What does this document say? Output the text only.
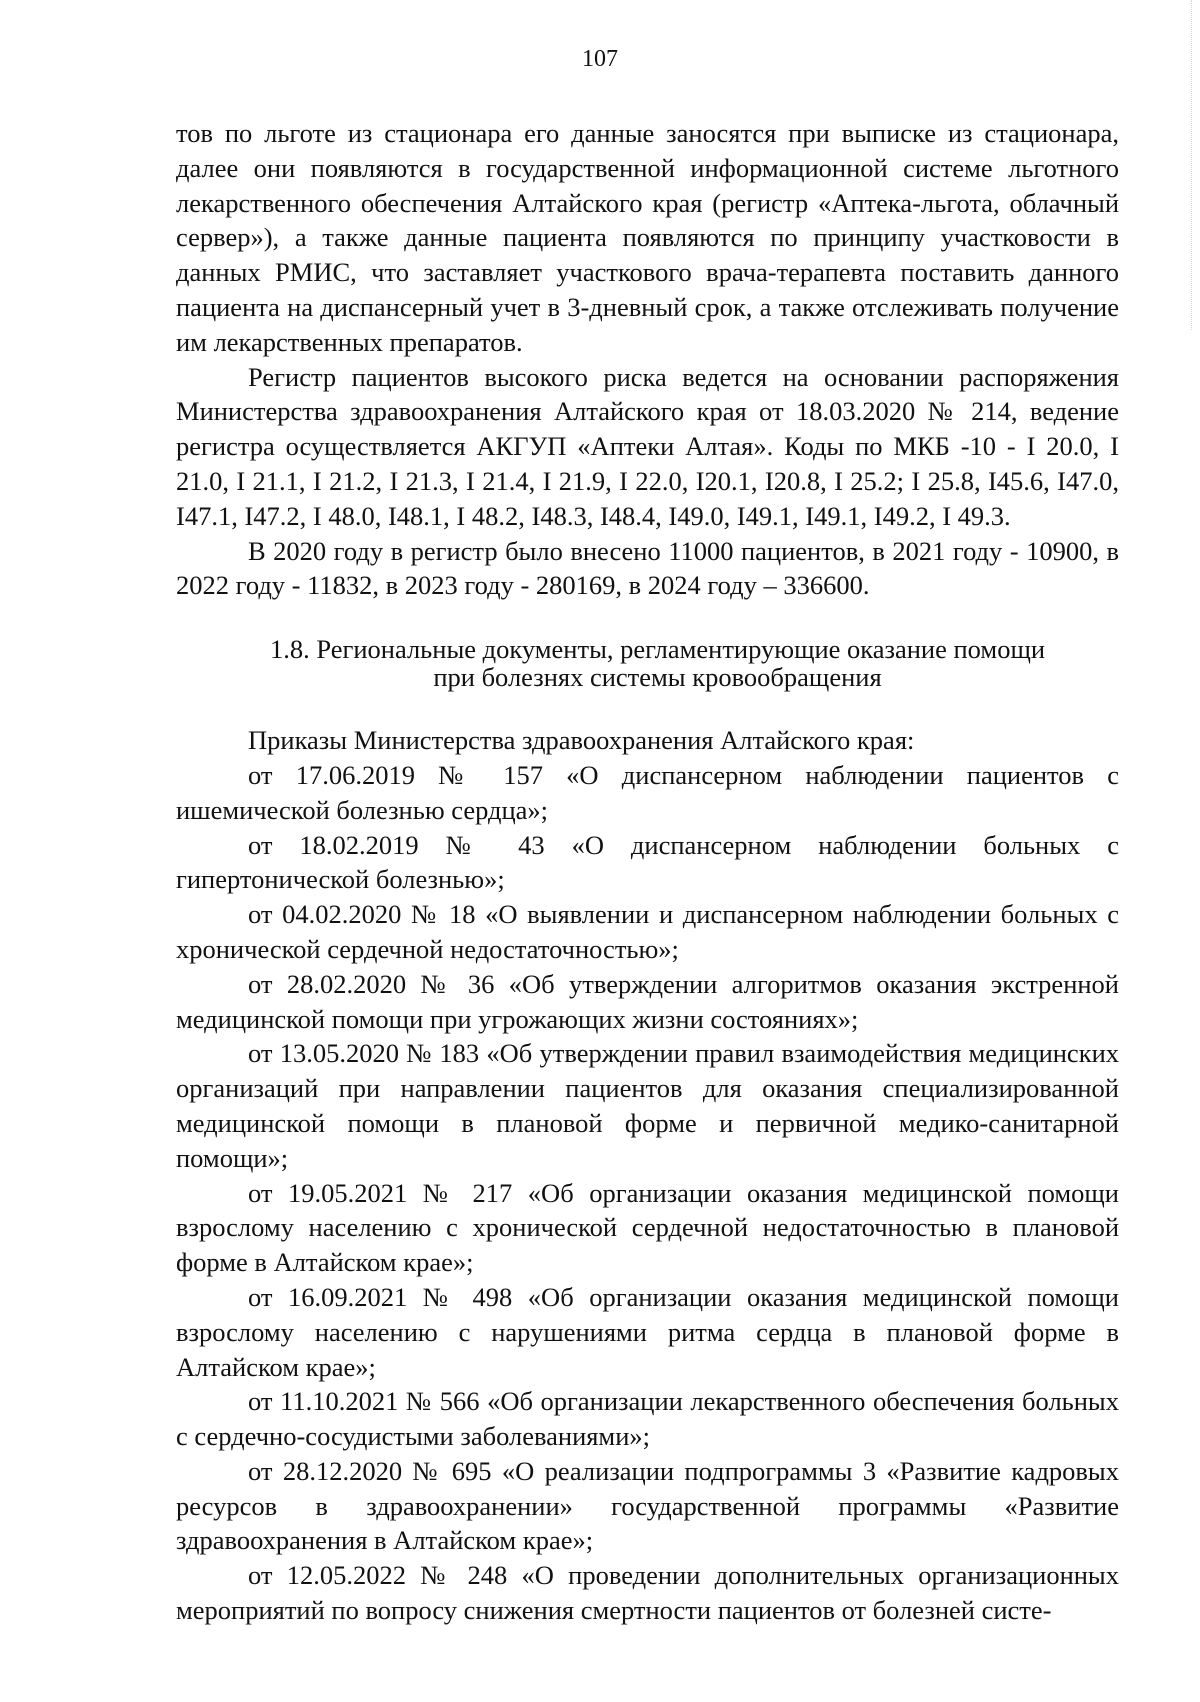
107

тов по льготе из стационара его данные заносятся при выписке из стационара, далее они появляются в государственной информационной системе льготного лекарственного обеспечения Алтайского края (регистр «Аптека-льгота, облачный сервер»), а также данные пациента появляются по принципу участковости в данных РМИС, что заставляет участкового врача-терапевта поставить данного пациента на диспансерный учет в 3-дневный срок, а также отслеживать получение им лекарственных препаратов.

Регистр пациентов высокого риска ведется на основании распоряжения Министерства здравоохранения Алтайского края от 18.03.2020 № 214, ведение регистра осуществляется АКГУП «Аптеки Алтая». Коды по МКБ -10 - I 20.0, I 21.0, I 21.1, I 21.2, I 21.3, I 21.4, I 21.9, I 22.0, I20.1, I20.8, I 25.2; I 25.8, I45.6, I47.0, I47.1, I47.2, I 48.0, I48.1, I 48.2, I48.3, I48.4, I49.0, I49.1, I49.1, I49.2, I 49.3.

В 2020 году в регистр было внесено 11000 пациентов, в 2021 году - 10900, в 2022 году - 11832, в 2023 году - 280169, в 2024 году – 336600.

1.8. Региональные документы, регламентирующие оказание помощи
при болезнях системы кровообращения

Приказы Министерства здравоохранения Алтайского края:

от 17.06.2019 № 157 «О диспансерном наблюдении пациентов с ишемической болезнью сердца»;

от 18.02.2019 № 43 «О диспансерном наблюдении больных с гипертонической болезнью»;

от 04.02.2020 № 18 «О выявлении и диспансерном наблюдении больных с хронической сердечной недостаточностью»;

от 28.02.2020 № 36 «Об утверждении алгоритмов оказания экстренной медицинской помощи при угрожающих жизни состояниях»;

от 13.05.2020 № 183 «Об утверждении правил взаимодействия медицинских организаций при направлении пациентов для оказания специализированной медицинской помощи в плановой форме и первичной медико-санитарной помощи»;

от 19.05.2021 № 217 «Об организации оказания медицинской помощи взрослому населению с хронической сердечной недостаточностью в плановой форме в Алтайском крае»;

от 16.09.2021 № 498 «Об организации оказания медицинской помощи взрослому населению с нарушениями ритма сердца в плановой форме в Алтайском крае»;

от 11.10.2021 № 566 «Об организации лекарственного обеспечения больных с сердечно-сосудистыми заболеваниями»;

от 28.12.2020 № 695 «О реализации подпрограммы 3 «Развитие кадровых ресурсов в здравоохранении» государственной программы «Развитие здравоохранения в Алтайском крае»;

от 12.05.2022 № 248 «О проведении дополнительных организационных мероприятий по вопросу снижения смертности пациентов от болезней систе-
